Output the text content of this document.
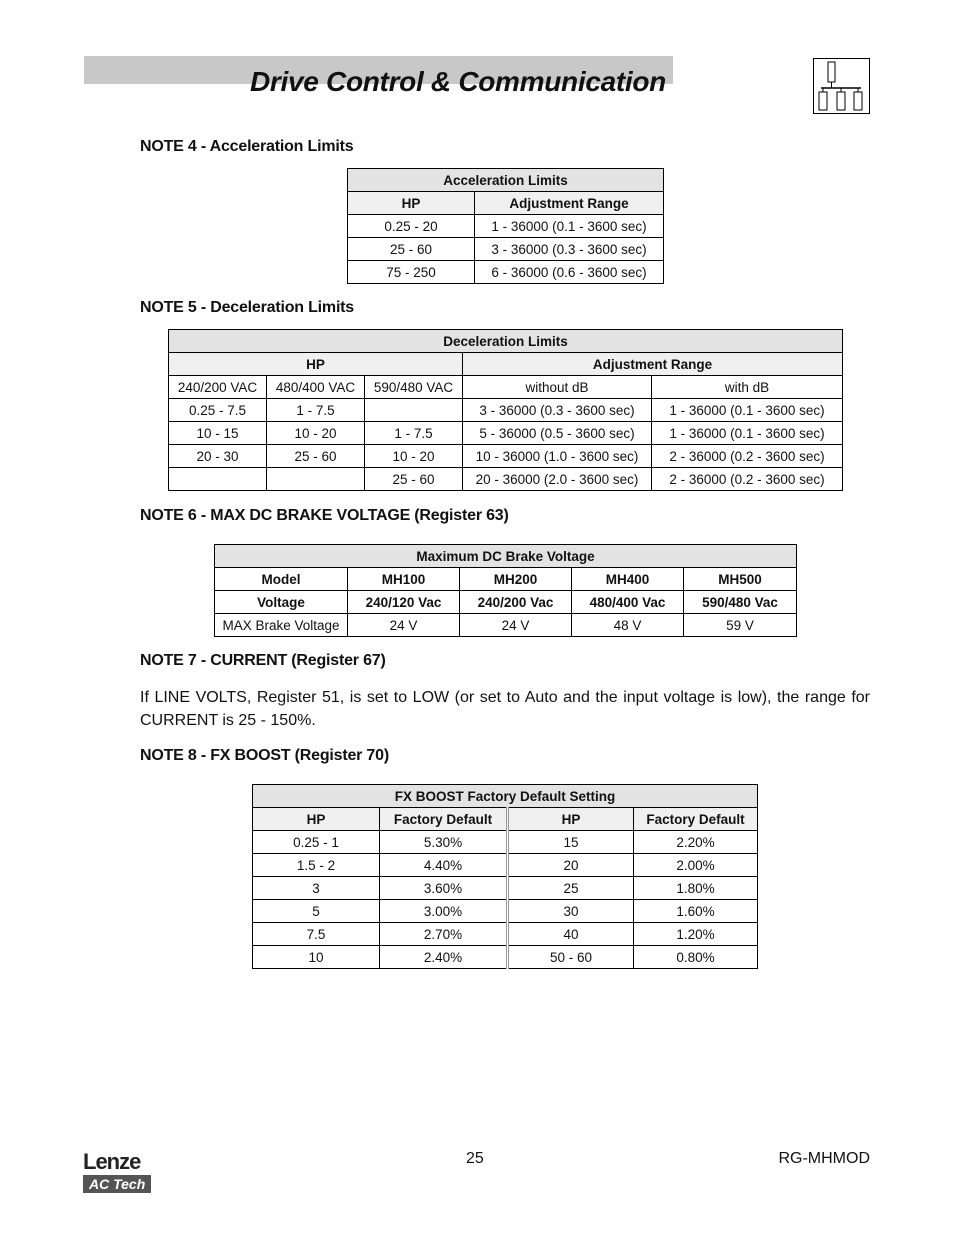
Drive Control & Communication

NOTE 4 - Acceleration Limits

Acceleration Limits	
HP	Adjustment Range
0.25 - 20	1 - 36000 (0.1 - 3600 sec)
25 - 60	3 - 36000 (0.3 - 3600 sec)
75 - 250	6 - 36000 (0.6 - 3600 sec)

NOTE 5 - Deceleration Limits

Deceleration Limits				
HP			Adjustment Range	
240/200 VAC	480/400 VAC	590/480 VAC	without dB	with dB
0.25 - 7.5	1 - 7.5		3 - 36000 (0.3 - 3600 sec)	1 - 36000 (0.1 - 3600 sec)
10 - 15	10 - 20	1 - 7.5	5 - 36000 (0.5 - 3600 sec)	1 - 36000 (0.1 - 3600 sec)
20 - 30	25 - 60	10 - 20	10 - 36000 (1.0 - 3600 sec)	2 - 36000 (0.2 - 3600 sec)
		25 - 60	20 - 36000 (2.0 - 3600 sec)	2 - 36000 (0.2 - 3600 sec)

NOTE 6 - MAX DC BRAKE VOLTAGE (Register 63)

Maximum DC Brake Voltage				
Model	MH100	MH200	MH400	MH500
Voltage	240/120 Vac	240/200 Vac	480/400 Vac	590/480 Vac
MAX Brake Voltage	24 V	24 V	48 V	59 V

NOTE 7 - CURRENT (Register 67)

If LINE VOLTS, Register 51, is set to LOW (or set to Auto and the input voltage is low), the range for CURRENT is 25 - 150%.

NOTE 8 - FX BOOST (Register 70)

FX BOOST Factory Default Setting			
HP	Factory Default	HP	Factory Default
0.25 - 1	5.30%	15	2.20%
1.5 - 2	4.40%	20	2.00%
3	3.60%	25	1.80%
5	3.00%	30	1.60%
7.5	2.70%	40	1.20%
10	2.40%	50 - 60	0.80%
Lenze
AC Tech
25	RG-MHMOD
